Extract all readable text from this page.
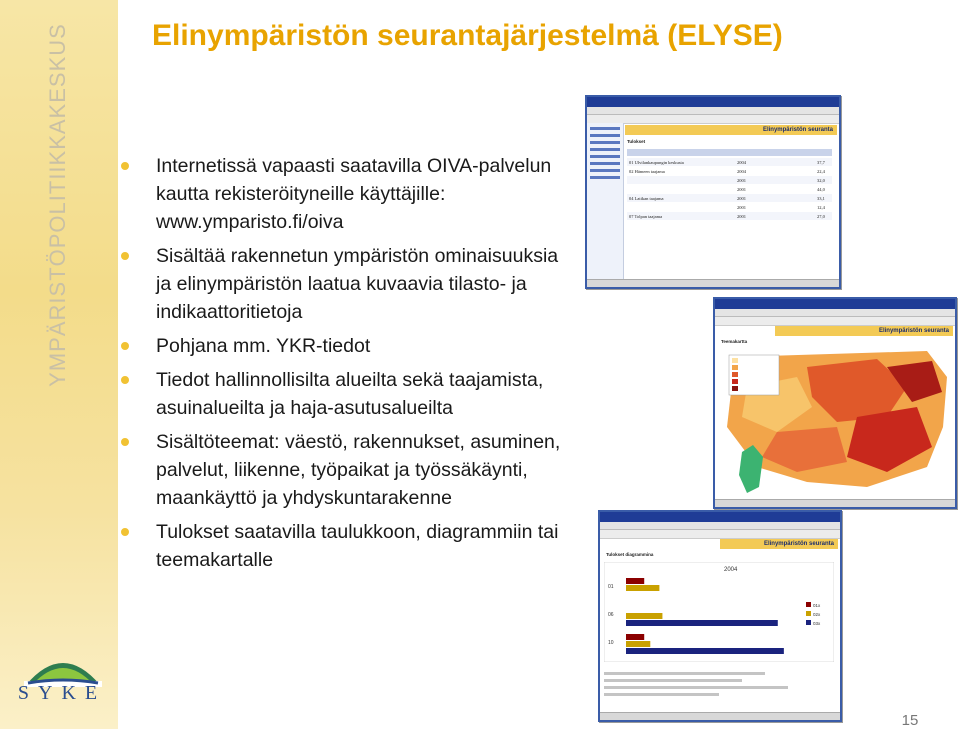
YMPÄRISTÖPOLITIIKKAKESKUS
SYKE
Elinympäristön seurantajärjestelmä (ELYSE)
Internetissä vapaasti saatavilla OIVA-palvelun kautta rekisteröityneille käyttäjille: www.ymparisto.fi/oiva
Sisältää rakennetun ympäristön ominaisuuksia ja elinympäristön laatua kuvaavia tilasto- ja indikaattoritietoja
Pohjana mm. YKR-tiedot
Tiedot hallinnollisilta alueilta sekä taajamista, asuinalueilta ja haja-asutusalueilta
Sisältöteemat: väestö, rakennukset, asuminen, palvelut, liikenne, työpaikat ja työssäkäynti, maankäyttö ja yhdyskuntarakenne
Tulokset saatavilla taulukkoon, diagrammiin tai teemakartalle
Elinympäristön seuranta
Tulokset
01 Ulvilankaupungin keskusta	2004	37,7
02 Hämeen taajama	2004	22,4
2001	32,0
2001	44,0
04 Latikan taajama	2001	33,1
2001	12,4
07 Tolpan taajama	2001	27,0
Elinympäristön seuranta
Teemakartta
Elinympäristön seuranta
Tulokset diagrammina
2004
01
06
10
01x
02x
03x
15
